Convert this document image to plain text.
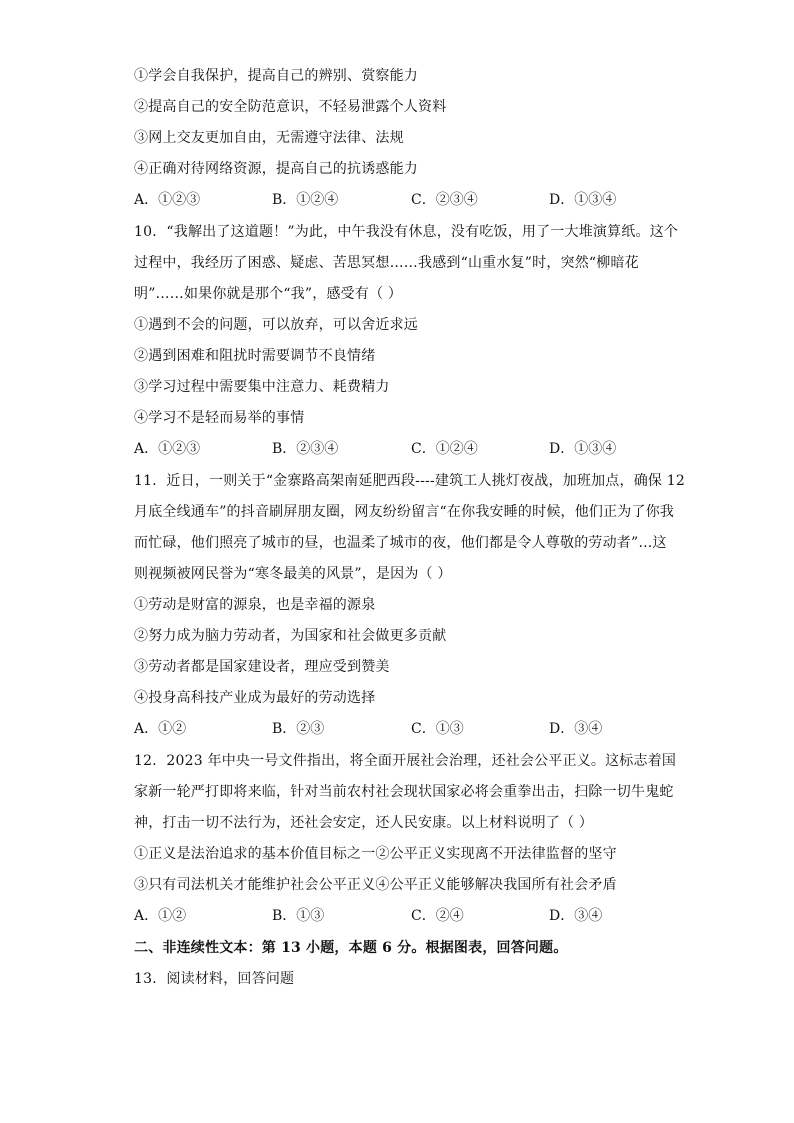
①学会自我保护，提高自己的辨别、赏察能力
②提高自己的安全防范意识，不轻易泄露个人资料
③网上交友更加自由，无需遵守法律、法规
④正确对待网络资源，提高自己的抗诱惑能力
A．①②③	B．①②④	C．②③④	D．①③④
10．“我解出了这道题！”为此，中午我没有休息，没有吃饭，用了一大堆演算纸。这个
过程中，我经历了困惑、疑虑、苦思冥想……我感到“山重水复”时，突然“柳暗花
明”……如果你就是那个“我”，感受有（ ）
①遇到不会的问题，可以放弃，可以舍近求远
②遇到困难和阻扰时需要调节不良情绪
③学习过程中需要集中注意力、耗费精力
④学习不是轻而易举的事情
A．①②③	B．②③④	C．①②④	D．①③④
11．近日，一则关于“金寨路高架南延肥西段----建筑工人挑灯夜战，加班加点，确保 12
月底全线通车”的抖音刷屏朋友圈，网友纷纷留言“在你我安睡的时候，他们正为了你我
而忙碌，他们照亮了城市的昼，也温柔了城市的夜，他们都是令人尊敬的劳动者”…这
则视频被网民誉为“寒冬最美的风景”，是因为（ ）
①劳动是财富的源泉，也是幸福的源泉
②努力成为脑力劳动者，为国家和社会做更多贡献
③劳动者都是国家建设者，理应受到赞美
④投身高科技产业成为最好的劳动选择
A．①②	B．②③	C．①③	D．③④
12．2023 年中央一号文件指出，将全面开展社会治理，还社会公平正义。这标志着国
家新一轮严打即将来临，针对当前农村社会现状国家必将会重拳出击，扫除一切牛鬼蛇
神，打击一切不法行为，还社会安定，还人民安康。以上材料说明了（ ）
①正义是法治追求的基本价值目标之一②公平正义实现离不开法律监督的坚守
③只有司法机关才能维护社会公平正义④公平正义能够解决我国所有社会矛盾
A．①②	B．①③	C．②④	D．③④
二、非连续性文本：第 13 小题，本题 6 分。根据图表，回答问题。
13．阅读材料，回答问题
